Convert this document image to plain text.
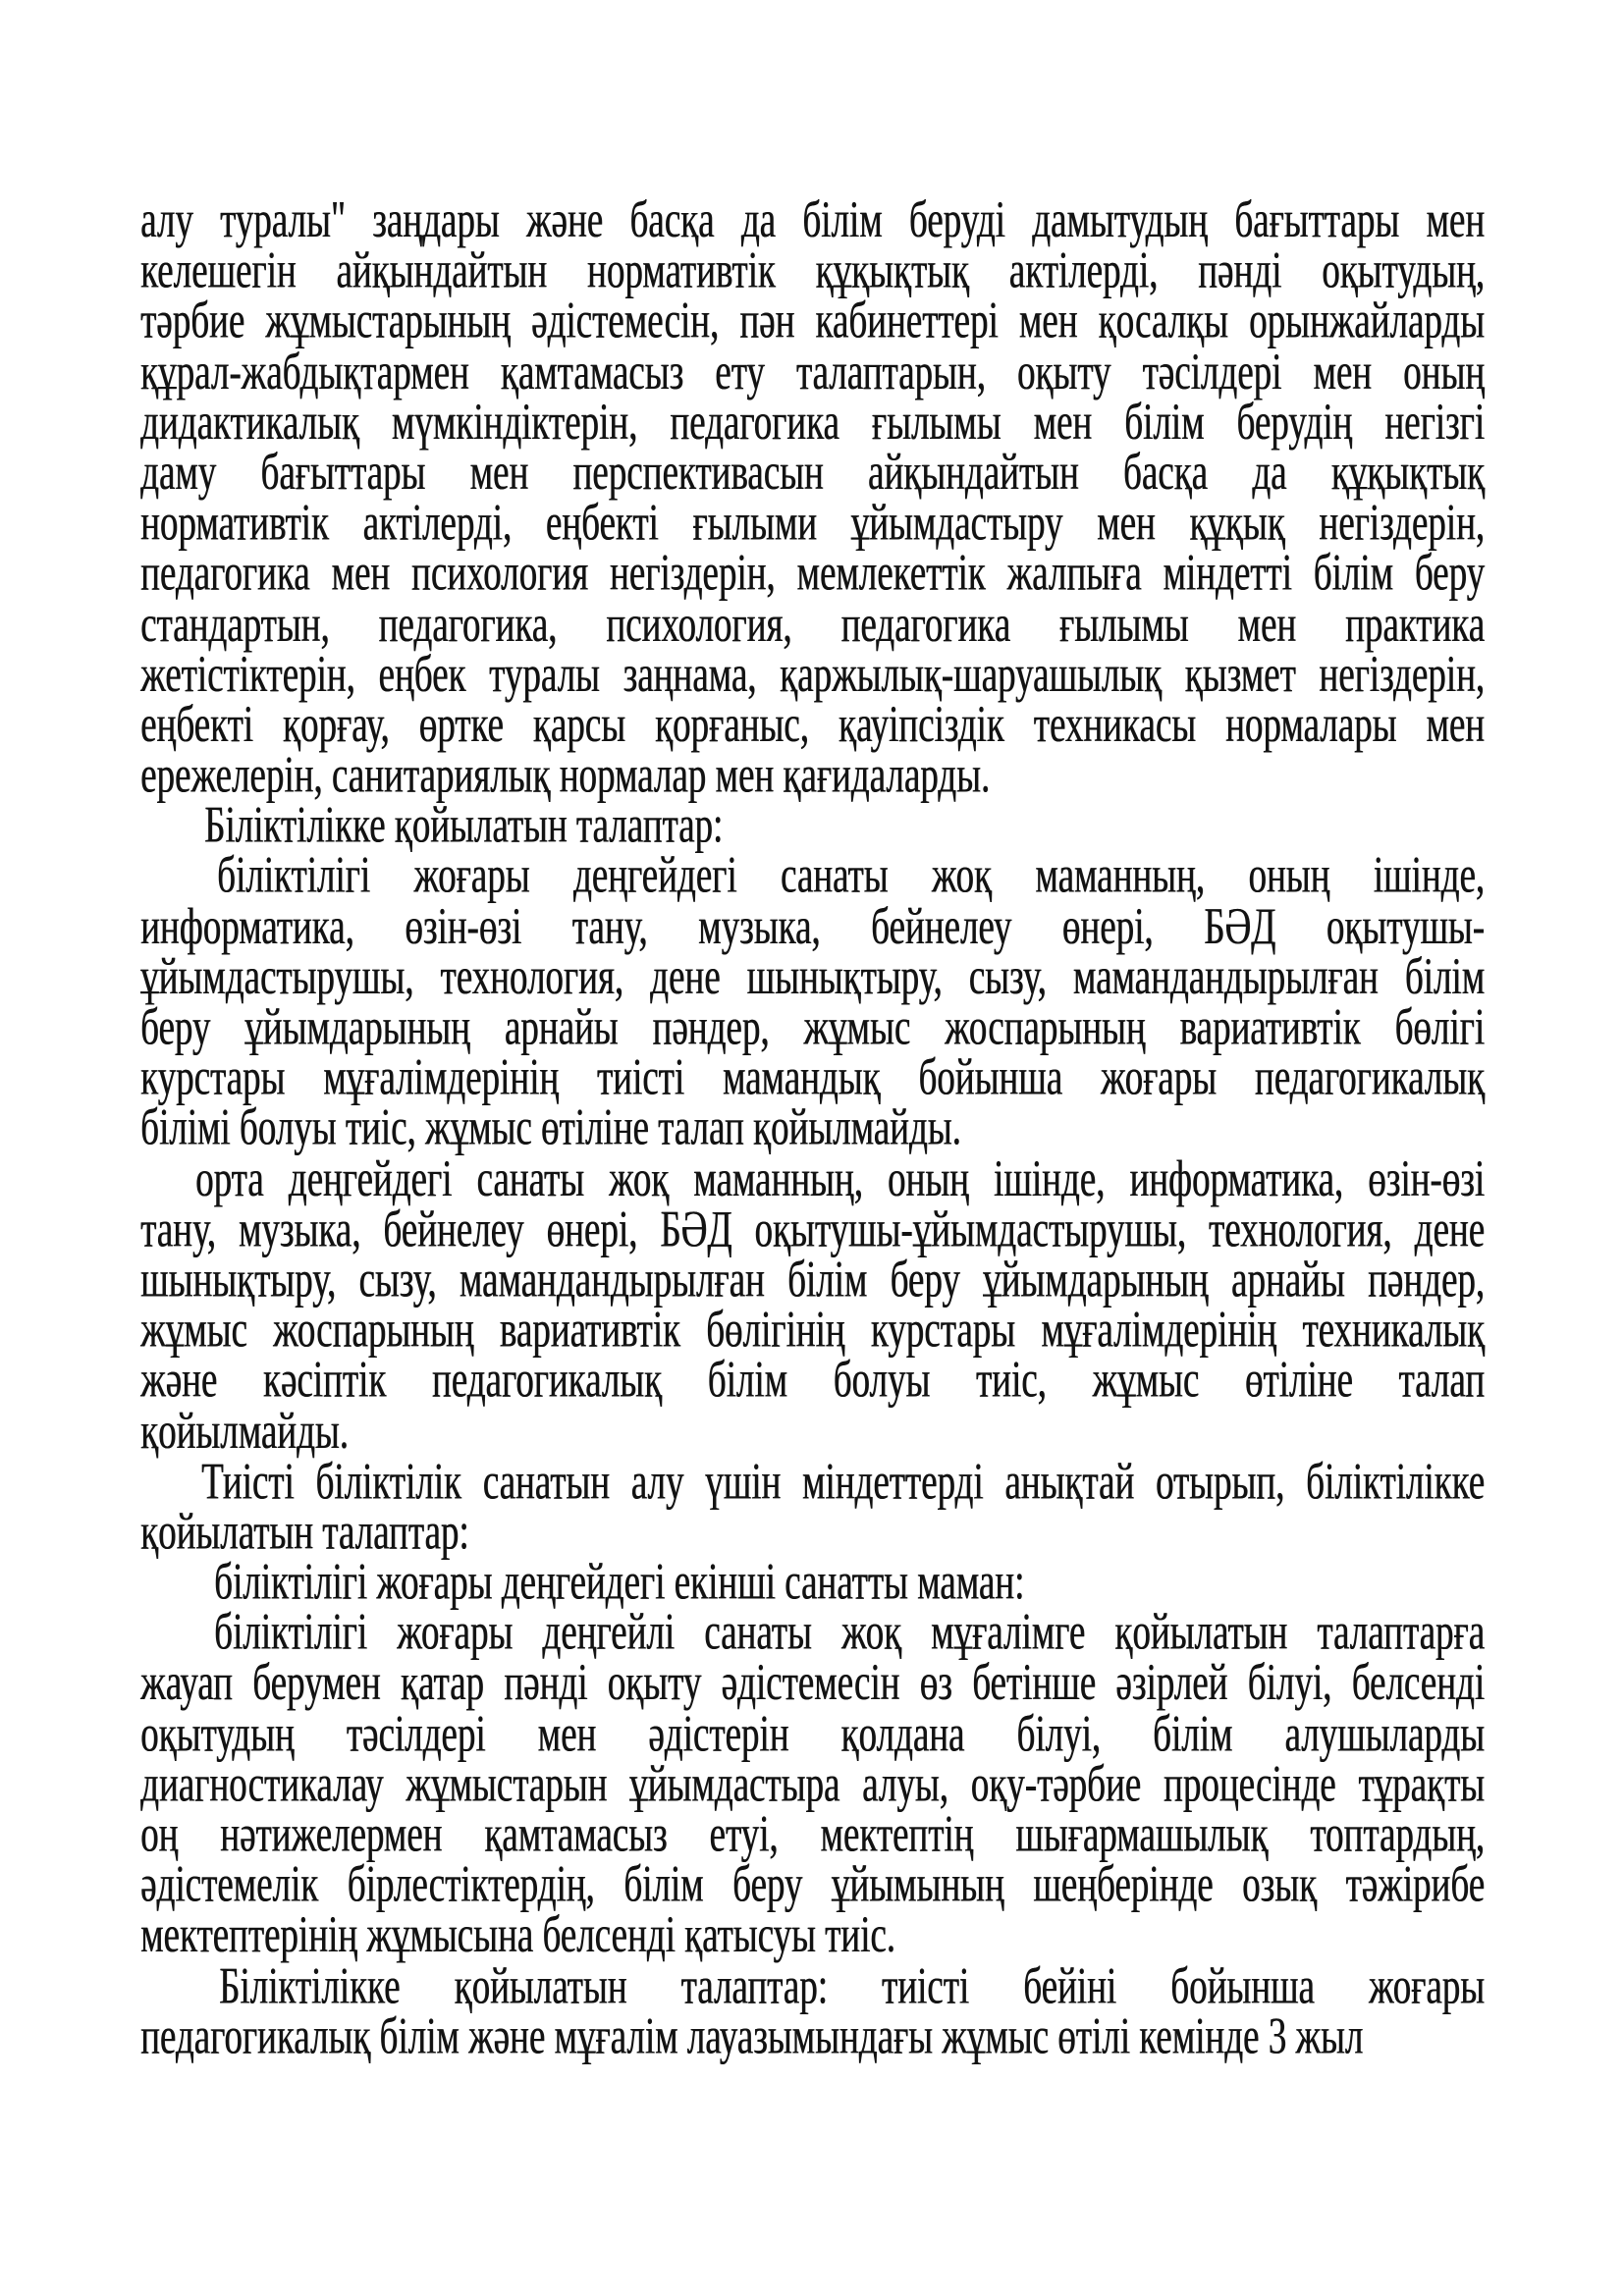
алу туралы" заңдары және басқа да білім беруді дамытудың бағыттары мен
келешегін айқындайтын нормативтік құқықтық актілерді, пәнді оқытудың,
тәрбие жұмыстарының әдістемесін, пән кабинеттері мен қосалқы орынжайларды
құрал-жабдықтармен қамтамасыз ету талаптарын, оқыту тәсілдері мен оның
дидактикалық мүмкіндіктерін, педагогика ғылымы мен білім берудің негізгі
даму бағыттары мен перспективасын айқындайтын басқа да құқықтық
нормативтік актілерді, еңбекті ғылыми ұйымдастыру мен құқық негіздерін,
педагогика мен психология негіздерін, мемлекеттік жалпыға міндетті білім беру
стандартын, педагогика, психология, педагогика ғылымы мен практика
жетістіктерін, еңбек туралы заңнама, қаржылық-шаруашылық қызмет негіздерін,
еңбекті қорғау, өртке қарсы қорғаныс, қауіпсіздік техникасы нормалары мен
ережелерін, санитариялық нормалар мен қағидаларды.
Біліктілікке қойылатын талаптар:
біліктілігі жоғары деңгейдегі санаты жоқ маманның, оның ішінде,
информатика, өзін-өзі тану, музыка, бейнелеу өнері, БӘД оқытушы-
ұйымдастырушы, технология, дене шынықтыру, сызу, мамандандырылған білім
беру ұйымдарының арнайы пәндер, жұмыс жоспарының вариативтік бөлігі
курстары мұғалімдерінің тиісті мамандық бойынша жоғары педагогикалық
білімі болуы тиіс, жұмыс өтіліне талап қойылмайды.
орта деңгейдегі санаты жоқ маманның, оның ішінде, информатика, өзін-өзі
тану, музыка, бейнелеу өнері, БӘД оқытушы-ұйымдастырушы, технология, дене
шынықтыру, сызу, мамандандырылған білім беру ұйымдарының арнайы пәндер,
жұмыс жоспарының вариативтік бөлігінің курстары мұғалімдерінің техникалық
және кәсіптік педагогикалық білім болуы тиіс, жұмыс өтіліне талап
қойылмайды.
Тиісті біліктілік санатын алу үшін міндеттерді анықтай отырып, біліктілікке
қойылатын талаптар:
біліктілігі жоғары деңгейдегі екінші санатты маман:
біліктілігі жоғары деңгейлі санаты жоқ мұғалімге қойылатын талаптарға
жауап берумен қатар пәнді оқыту әдістемесін өз бетінше әзірлей білуі, белсенді
оқытудың тәсілдері мен әдістерін қолдана білуі, білім алушыларды
диагностикалау жұмыстарын ұйымдастыра алуы, оқу-тәрбие процесінде тұрақты
оң нәтижелермен қамтамасыз етуі, мектептің шығармашылық топтардың,
әдістемелік бірлестіктердің, білім беру ұйымының шеңберінде озық тәжірибе
мектептерінің жұмысына белсенді қатысуы тиіс.
Біліктілікке қойылатын талаптар: тиісті бейіні бойынша жоғары
педагогикалық білім және мұғалім лауазымындағы жұмыс өтілі кемінде 3 жыл
